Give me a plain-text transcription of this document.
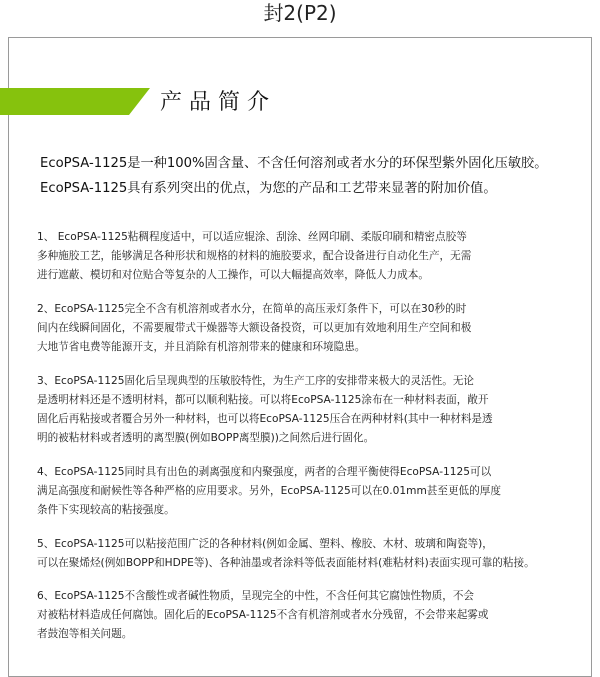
封2(P2)
产品简介
EcoPSA-1125是一种100%固含量、不含任何溶剂或者水分的环保型紫外固化压敏胶。
EcoPSA-1125具有系列突出的优点，为您的产品和工艺带来显著的附加价值。
1、 EcoPSA-1125粘稠程度适中，可以适应辊涂、刮涂、丝网印刷、柔版印刷和精密点胶等
多种施胶工艺，能够满足各种形状和规格的材料的施胶要求，配合设备进行自动化生产，无需
进行遮蔽、模切和对位贴合等复杂的人工操作，可以大幅提高效率，降低人力成本。
2、EcoPSA-1125完全不含有机溶剂或者水分，在简单的高压汞灯条件下，可以在30秒的时
间内在线瞬间固化，不需要履带式干燥器等大额设备投资，可以更加有效地利用生产空间和极
大地节省电费等能源开支，并且消除有机溶剂带来的健康和环境隐患。
3、EcoPSA-1125固化后呈现典型的压敏胶特性，为生产工序的安排带来极大的灵活性。无论
是透明材料还是不透明材料，都可以顺利粘接。可以将EcoPSA-1125涂布在一种材料表面，敞开
固化后再粘接或者覆合另外一种材料，也可以将EcoPSA-1125压合在两种材料(其中一种材料是透
明的被粘材料或者透明的离型膜(例如BOPP离型膜))之间然后进行固化。
4、EcoPSA-1125同时具有出色的剥离强度和内聚强度，两者的合理平衡使得EcoPSA-1125可以
满足高强度和耐候性等各种严格的应用要求。另外，EcoPSA-1125可以在0.01mm甚至更低的厚度
条件下实现较高的粘接强度。
5、EcoPSA-1125可以粘接范围广泛的各种材料(例如金属、塑料、橡胶、木材、玻璃和陶瓷等)，
可以在聚烯烃(例如BOPP和HDPE等)、各种油墨或者涂料等低表面能材料(难粘材料)表面实现可靠的粘接。
6、EcoPSA-1125不含酸性或者碱性物质，呈现完全的中性，不含任何其它腐蚀性物质，不会
对被粘材料造成任何腐蚀。固化后的EcoPSA-1125不含有机溶剂或者水分残留，不会带来起雾或
者鼓泡等相关问题。
